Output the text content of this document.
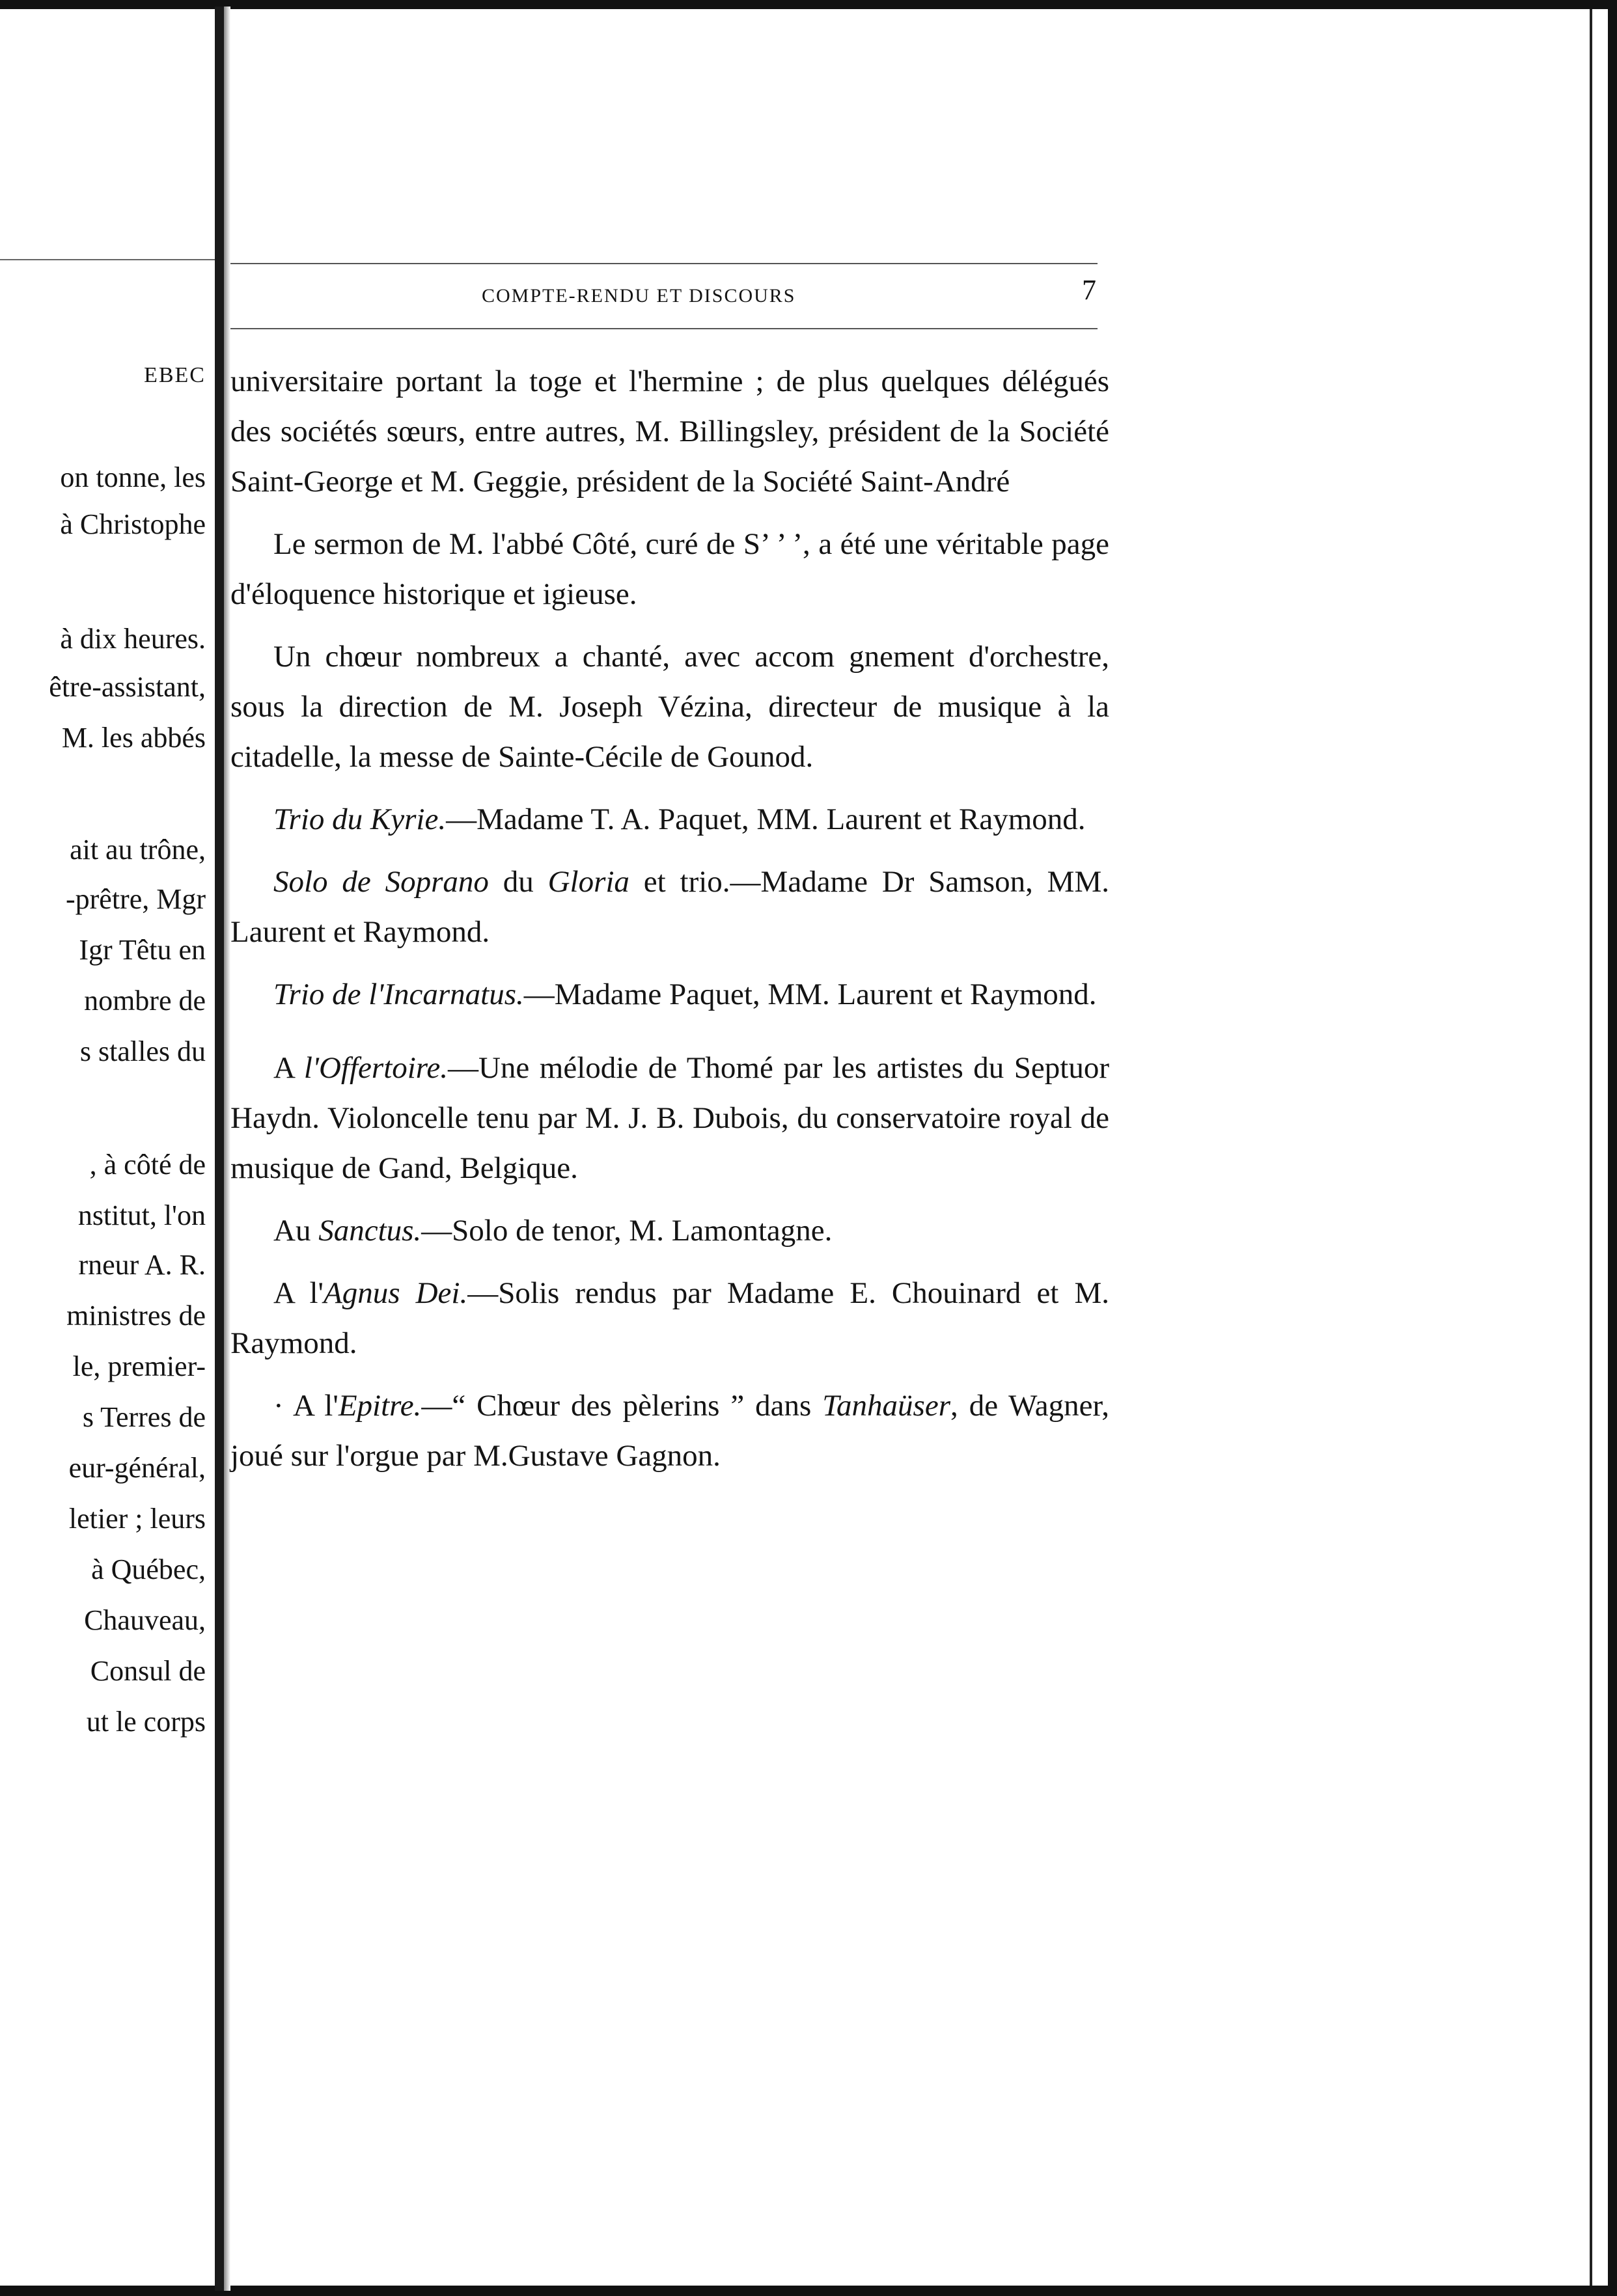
EBEC
on tonne, les
à Christophe
à dix heures.
être-assistant,
M. les abbés
ait au trône,
-prêtre, Mgr
Igr Têtu en
nombre de
s stalles du
, à côté de
nstitut, l'on
rneur A. R.
ministres de
le, premier-
s Terres de
eur-général,
letier ; leurs
à Québec,
Chauveau,
Consul de
ut le corps
COMPTE-RENDU ET DISCOURS	7

universitaire portant la toge et l'hermine ; de plus quelques délégués des sociétés sœurs, entre autres, M. Billingsley, président de la Société Saint-George et M. Geggie, président de la Société Saint-André

Le sermon de M. l'abbé Côté, curé de S’ ’ ’, a été une véritable page d'éloquence historique et igieuse.

Un chœur nombreux a chanté, avec accom gnement d'orchestre, sous la direction de M. Joseph Vézina, directeur de musique à la citadelle, la messe de Sainte-Cécile de Gounod.

Trio du Kyrie.—Madame T. A. Paquet, MM. Laurent et Raymond.

Solo de Soprano du Gloria et trio.—Madame Dr Samson, MM. Laurent et Raymond.

Trio de l'Incarnatus.—Madame Paquet, MM. Laurent et Raymond.

A l'Offertoire.—Une mélodie de Thomé par les artistes du Septuor Haydn. Violoncelle tenu par M. J. B. Dubois, du conservatoire royal de musique de Gand, Belgique.

Au Sanctus.—Solo de tenor, M. Lamontagne.

A l'Agnus Dei.—Solis rendus par Madame E. Chouinard et M. Raymond.

· A l'Epitre.—“ Chœur des pèlerins ” dans Tanhaüser, de Wagner, joué sur l'orgue par M.Gustave Gagnon.
